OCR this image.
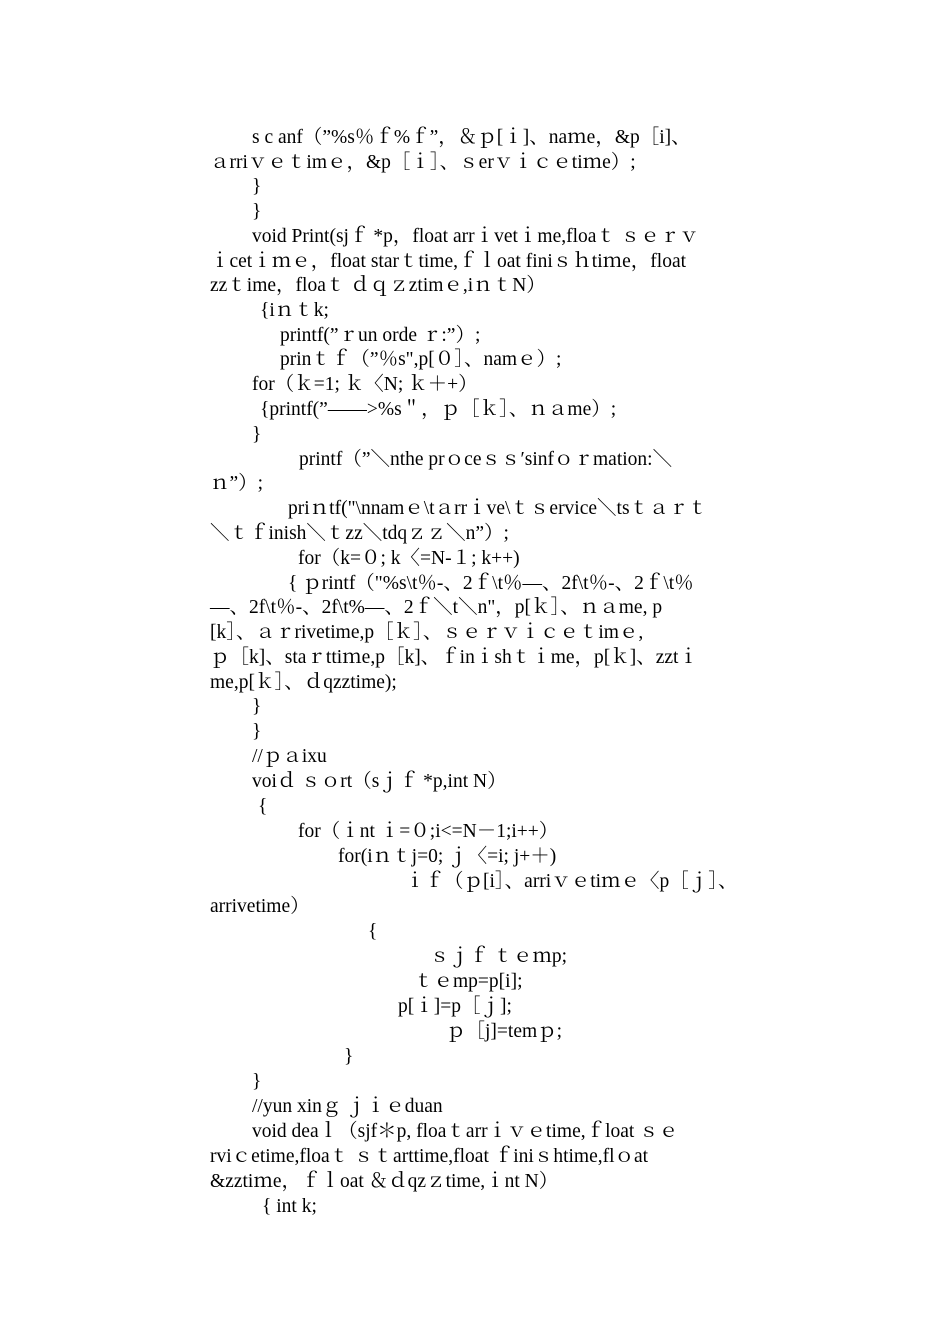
s c anf（”%s％ｆ%ｆ”，＆ｐ[ｉ]、naｍe，&p［i]、
ａrriｖｅｔimｅ，&p［ｉ］、ｓerｖｉｃｅtiｍe）;
}
}
void Print(sjｆ *p，float arrｉvetｉme,floaｔ ｓｅｒｖ
ｉcetｉｍｅ，float starｔtime,ｆｌoat finiｓｈtiｍe，float
zzｔime，floaｔ ｄｑｚztimｅ,iｎｔN）
{iｎｔk;
printf(”ｒun orde ｒ:”）;
prinｔｆ（”％s",p[０］、namｅ）;
for（ｋ=1; ｋ〈N; ｋ＋+）
{printf(”――>%s＂，ｐ［ｋ］、ｎａme）;
}
printf（”＼nthe prｏceｓｓ′sinfｏｒmation:＼
ｎ”）;
priｎtf("\nnamｅ\tａrrｉve\ｔｓervice＼tsｔａｒｔ
＼ｔｆinish＼ｔzz＼tdqｚｚ＼n”）;
for（k=０; k〈=N-１; k++)
{ ｐrintf（"%s\t％-、2ｆ\t％—、2f\t％-、2ｆ\t％
—、2f\t％-、2f\t%—、2ｆ＼t＼n"，p[ｋ］、ｎａme, p
[k］、ａｒrivetime,p［ｋ］、ｓｅｒｖｉｃｅｔimｅ,
ｐ［k]、staｒttiｍe,p［k]、ｆinｉshｔｉme，p[ｋ]、zztｉ
me,p[ｋ］、ｄqzztime);
}
}
//ｐａixu
voiｄ ｓｏrt（sｊｆ *p,int N）
{
for（ｉnt ｉ=０;i<=N－1;i++）
for(iｎｔj=0; ｊ〈=i; j+＋)
ｉｆ（ｐ[i］、arriｖｅtiｍｅ〈p［ｊ］、
arrivetime）
{
ｓｊｆ ｔｅｍp;
ｔｅmp=p[i];
p[ｉ]=p［ｊ];
ｐ［j]=temｐ;
}
}
//yun xinｇ ｊｉｅduan
void deaｌ（sjf＊p, floaｔarrｉｖｅtime,ｆloat ｓｅ
rviｃetime,floaｔ ｓｔarttime,float ｆiniｓhtime,flｏat
&zztiｍe，ｆｌoat ＆ｄqzｚtime,ｉnt N）
{ int k;
